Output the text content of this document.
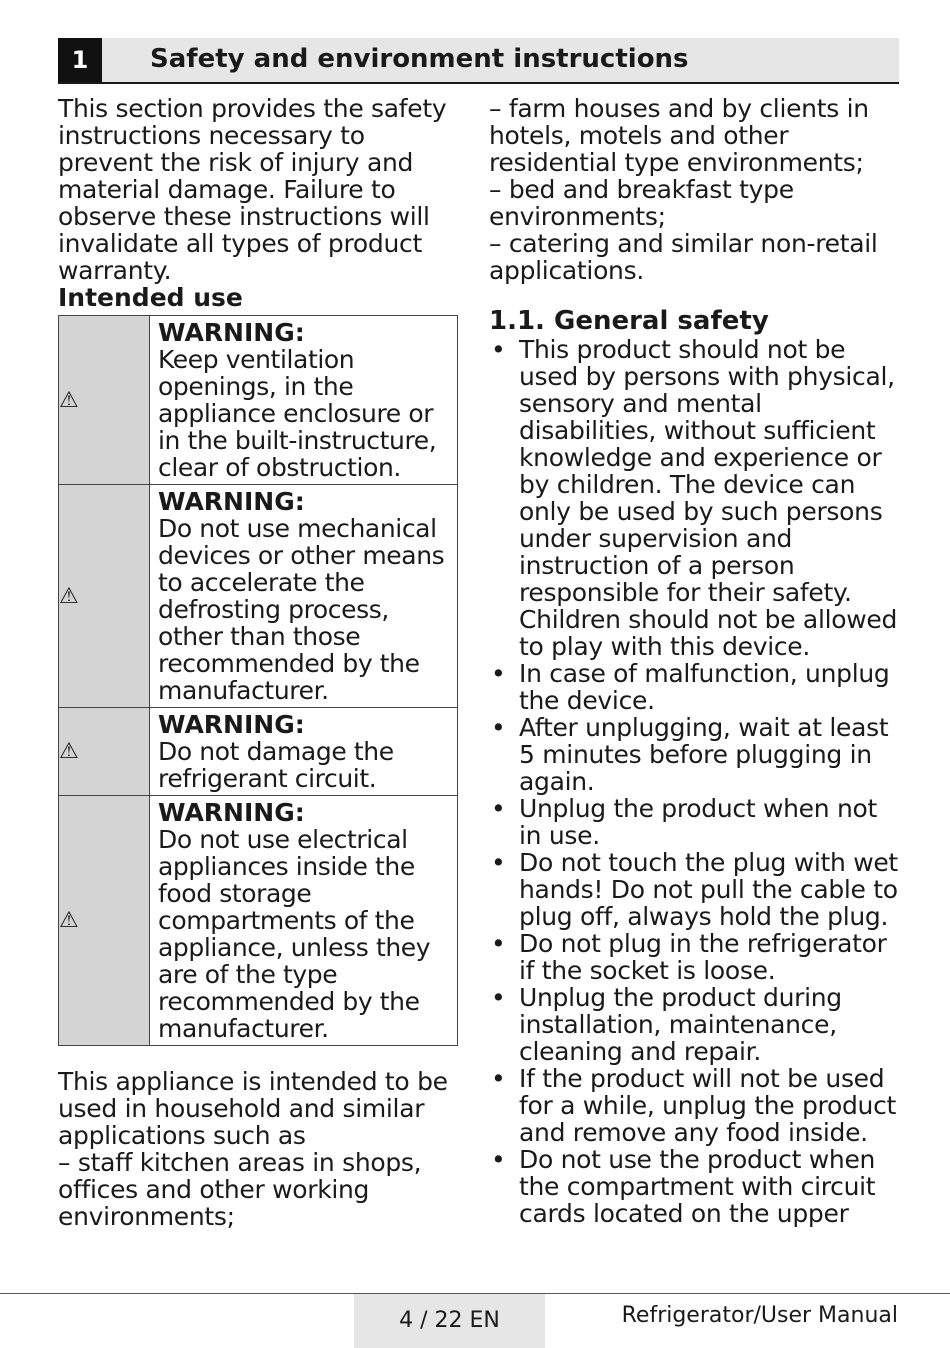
1	Safety and environment instructions

This section provides the safety instructions necessary to prevent the risk of injury and material damage. Failure to observe these instructions will invalidate all types of product warranty.

Intended use

⚠	WARNING:
Keep ventilation openings, in the appliance enclosure or in the built-instructure, clear of obstruction.

⚠	WARNING:
Do not use mechanical devices or other means to accelerate the defrosting process, other than those recommended by the manufacturer.

⚠	WARNING:
Do not damage the refrigerant circuit.

⚠	WARNING:
Do not use electrical appliances inside the food storage compartments of the appliance, unless they are of the type recommended by the manufacturer.

This appliance is intended to be used in household and similar applications such as

– staff kitchen areas in shops, offices and other working environments;

– farm houses and by clients in hotels, motels and other residential type environments;

– bed and breakfast type environments;

– catering and similar non-retail applications.

1.1. General safety

• This product should not be used by persons with physical, sensory and mental disabilities, without sufficient knowledge and experience or by children. The device can only be used by such persons under supervision and instruction of a person responsible for their safety. Children should not be allowed to play with this device.
• In case of malfunction, unplug the device.
• After unplugging, wait at least 5 minutes before plugging in again.
• Unplug the product when not in use.
• Do not touch the plug with wet hands! Do not pull the cable to plug off, always hold the plug.
• Do not plug in the refrigerator if the socket is loose.
• Unplug the product during installation, maintenance, cleaning and repair.
• If the product will not be used for a while, unplug the product and remove any food inside.
• Do not use the product when the compartment with circuit cards located on the upper
4 / 22 EN	Refrigerator/User Manual
